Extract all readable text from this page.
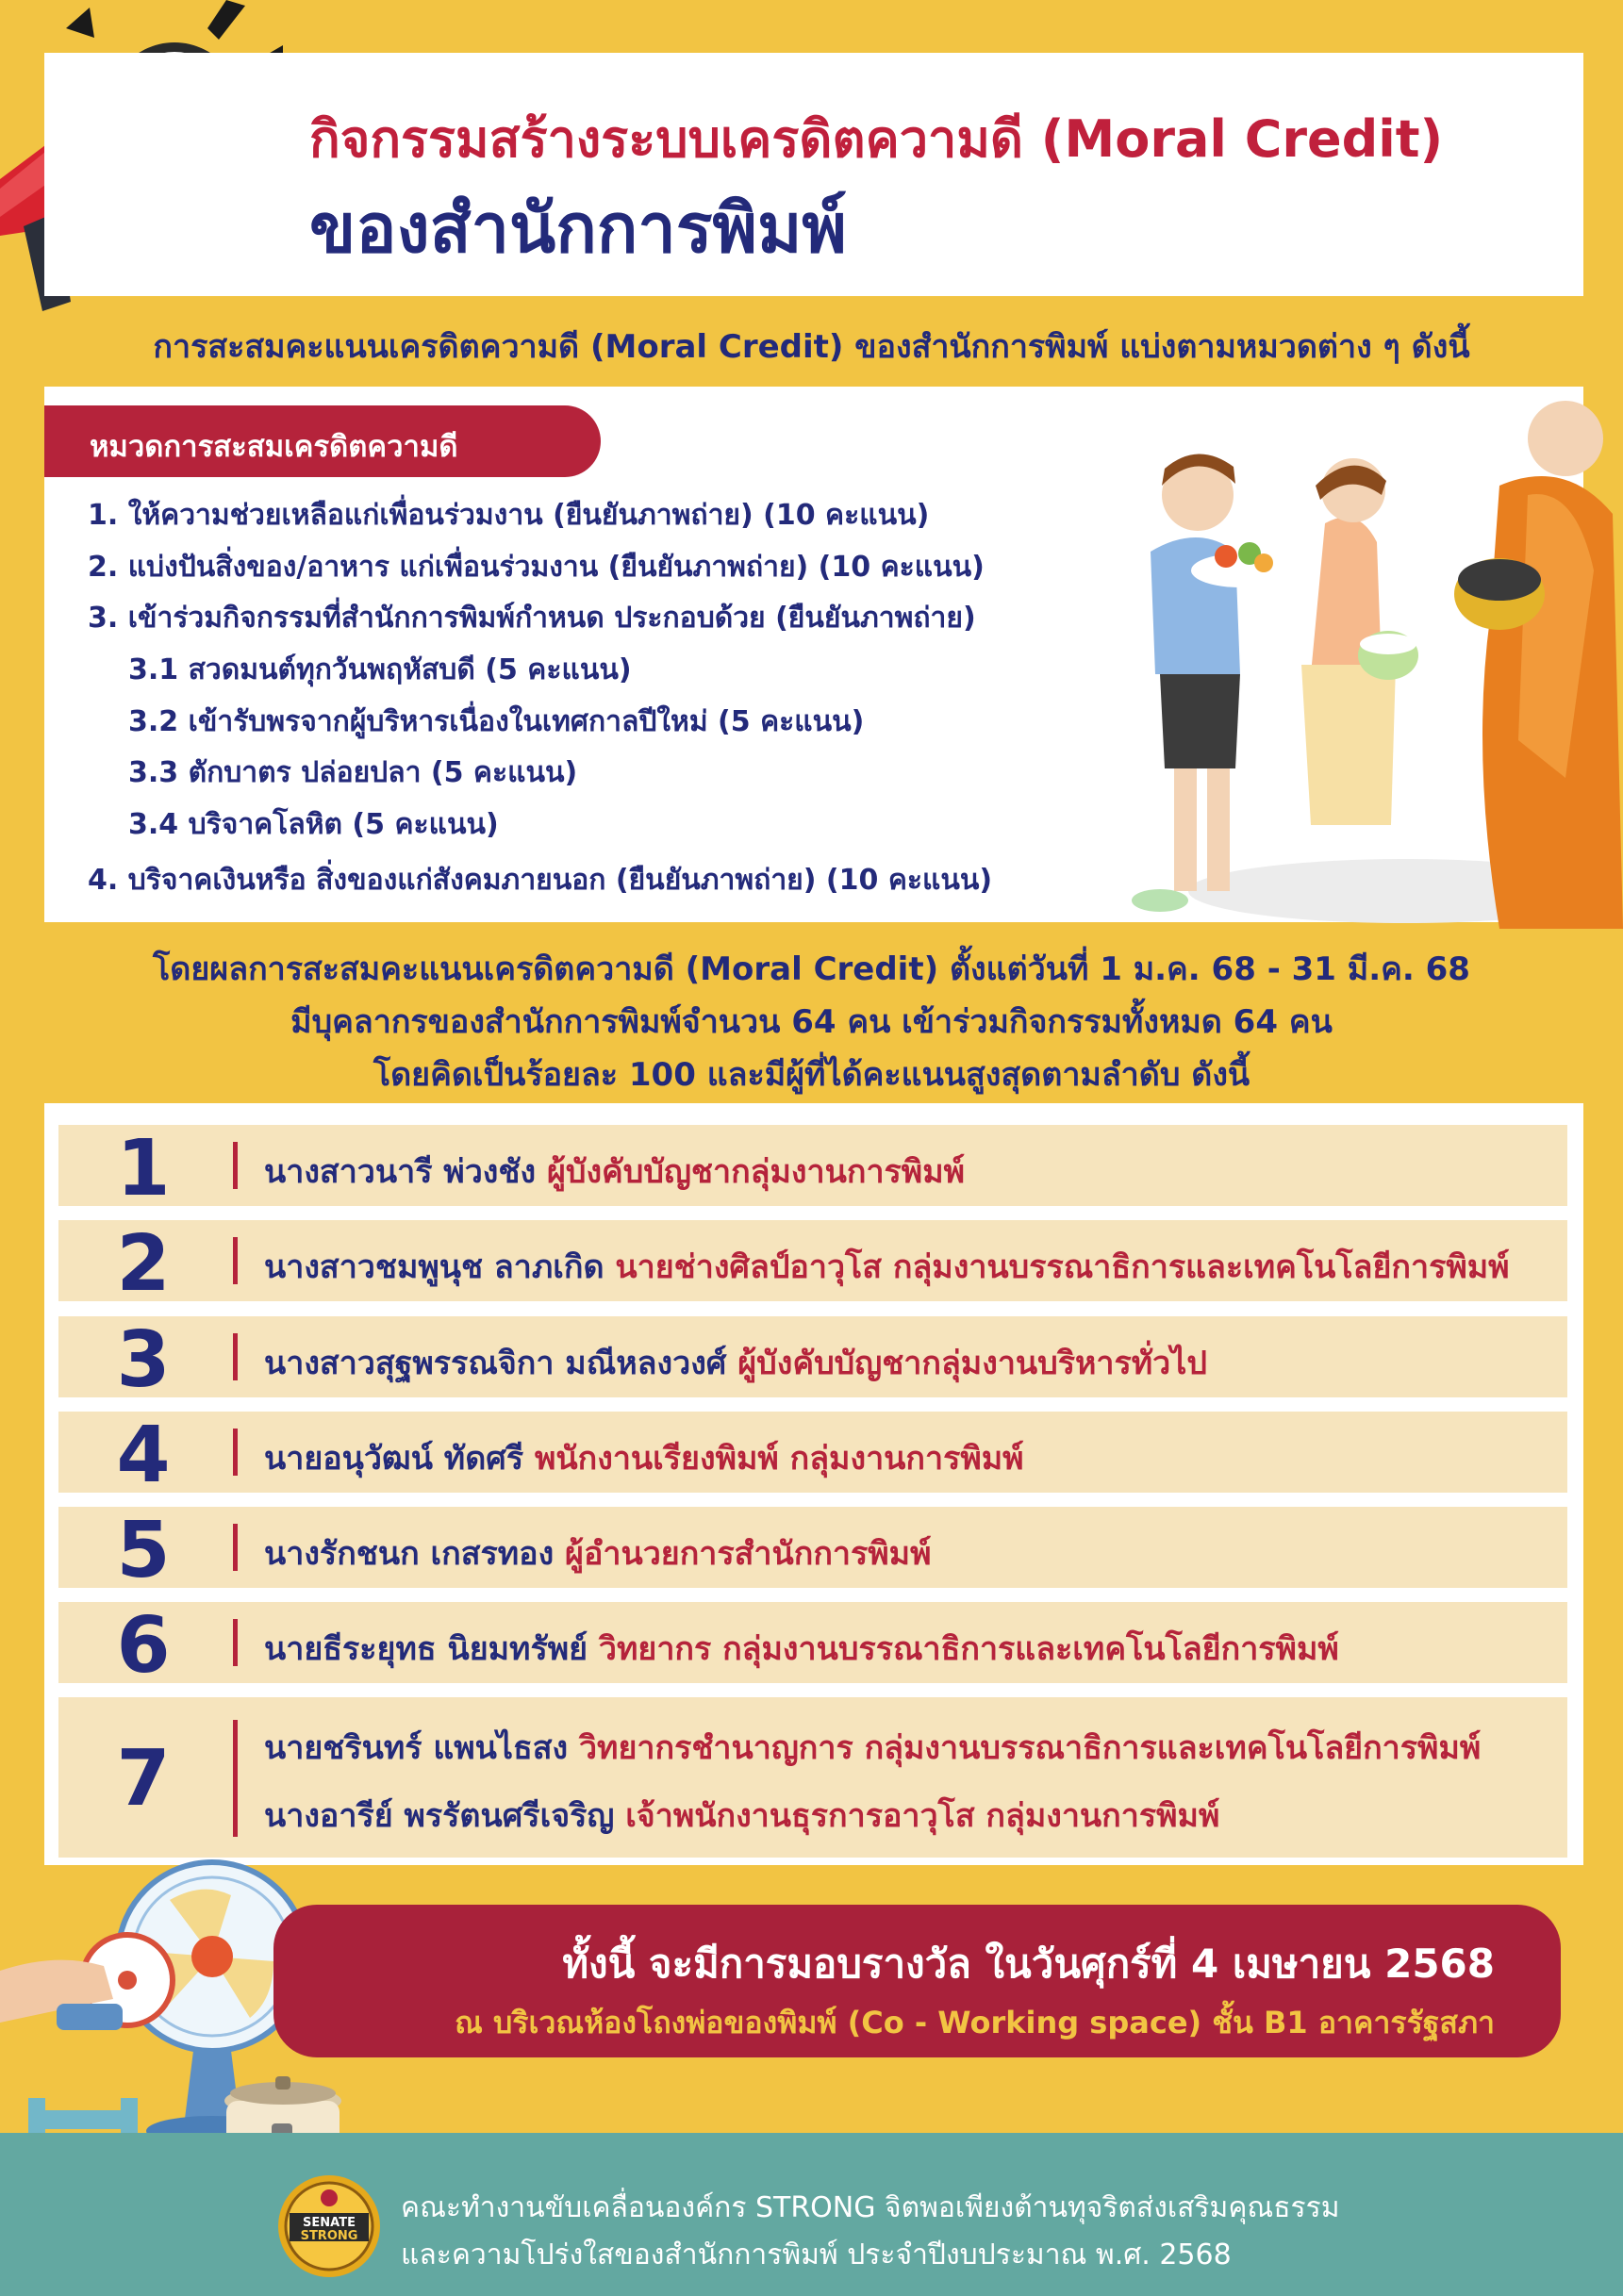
กิจกรรมสร้างระบบเครดิตความดี (Moral Credit)
ของสำนักการพิมพ์
การสะสมคะแนนเครดิตความดี (Moral Credit) ของสำนักการพิมพ์ แบ่งตามหมวดต่าง ๆ ดังนี้
หมวดการสะสมเครดิตความดี
1. ให้ความช่วยเหลือแก่เพื่อนร่วมงาน (ยืนยันภาพถ่าย) (10 คะแนน)
2. แบ่งปันสิ่งของ/อาหาร แก่เพื่อนร่วมงาน (ยืนยันภาพถ่าย) (10 คะแนน)
3. เข้าร่วมกิจกรรมที่สำนักการพิมพ์กำหนด ประกอบด้วย (ยืนยันภาพถ่าย)
3.1 สวดมนต์ทุกวันพฤหัสบดี (5 คะแนน)
3.2 เข้ารับพรจากผู้บริหารเนื่องในเทศกาลปีใหม่ (5 คะแนน)
3.3 ตักบาตร ปล่อยปลา (5 คะแนน)
3.4 บริจาคโลหิต (5 คะแนน)
4. บริจาคเงินหรือ สิ่งของแก่สังคมภายนอก (ยืนยันภาพถ่าย) (10 คะแนน)
โดยผลการสะสมคะแนนเครดิตความดี (Moral Credit) ตั้งแต่วันที่ 1 ม.ค. 68 - 31 มี.ค. 68
มีบุคลากรของสำนักการพิมพ์จำนวน 64 คน เข้าร่วมกิจกรรมทั้งหมด 64 คน
โดยคิดเป็นร้อยละ 100 และมีผู้ที่ได้คะแนนสูงสุดตามลำดับ ดังนี้
1	นางสาวนารี พ่วงชัง ผู้บังคับบัญชากลุ่มงานการพิมพ์
2	นางสาวชมพูนุช ลาภเกิด นายช่างศิลป์อาวุโส กลุ่มงานบรรณาธิการและเทคโนโลยีการพิมพ์
3	นางสาวสุฐพรรณจิกา มณีหลงวงศ์ ผู้บังคับบัญชากลุ่มงานบริหารทั่วไป
4	นายอนุวัฒน์ ทัดศรี พนักงานเรียงพิมพ์ กลุ่มงานการพิมพ์
5	นางรักชนก เกสรทอง ผู้อำนวยการสำนักการพิมพ์
6	นายธีระยุทธ นิยมทรัพย์ วิทยากร กลุ่มงานบรรณาธิการและเทคโนโลยีการพิมพ์
7	นายชรินทร์ แพนไธสง วิทยากรชำนาญการ กลุ่มงานบรรณาธิการและเทคโนโลยีการพิมพ์
นางอารีย์ พรรัตนศรีเจริญ เจ้าพนักงานธุรการอาวุโส กลุ่มงานการพิมพ์
ทั้งนี้ จะมีการมอบรางวัล ในวันศุกร์ที่ 4 เมษายน 2568
ณ บริเวณห้องโถงพ่อของพิมพ์ (Co - Working space) ชั้น B1 อาคารรัฐสภา
SENATE
STRONG
คณะทำงานขับเคลื่อนองค์กร STRONG จิตพอเพียงต้านทุจริตส่งเสริมคุณธรรม
และความโปร่งใสของสำนักการพิมพ์ ประจำปีงบประมาณ พ.ศ. 2568
